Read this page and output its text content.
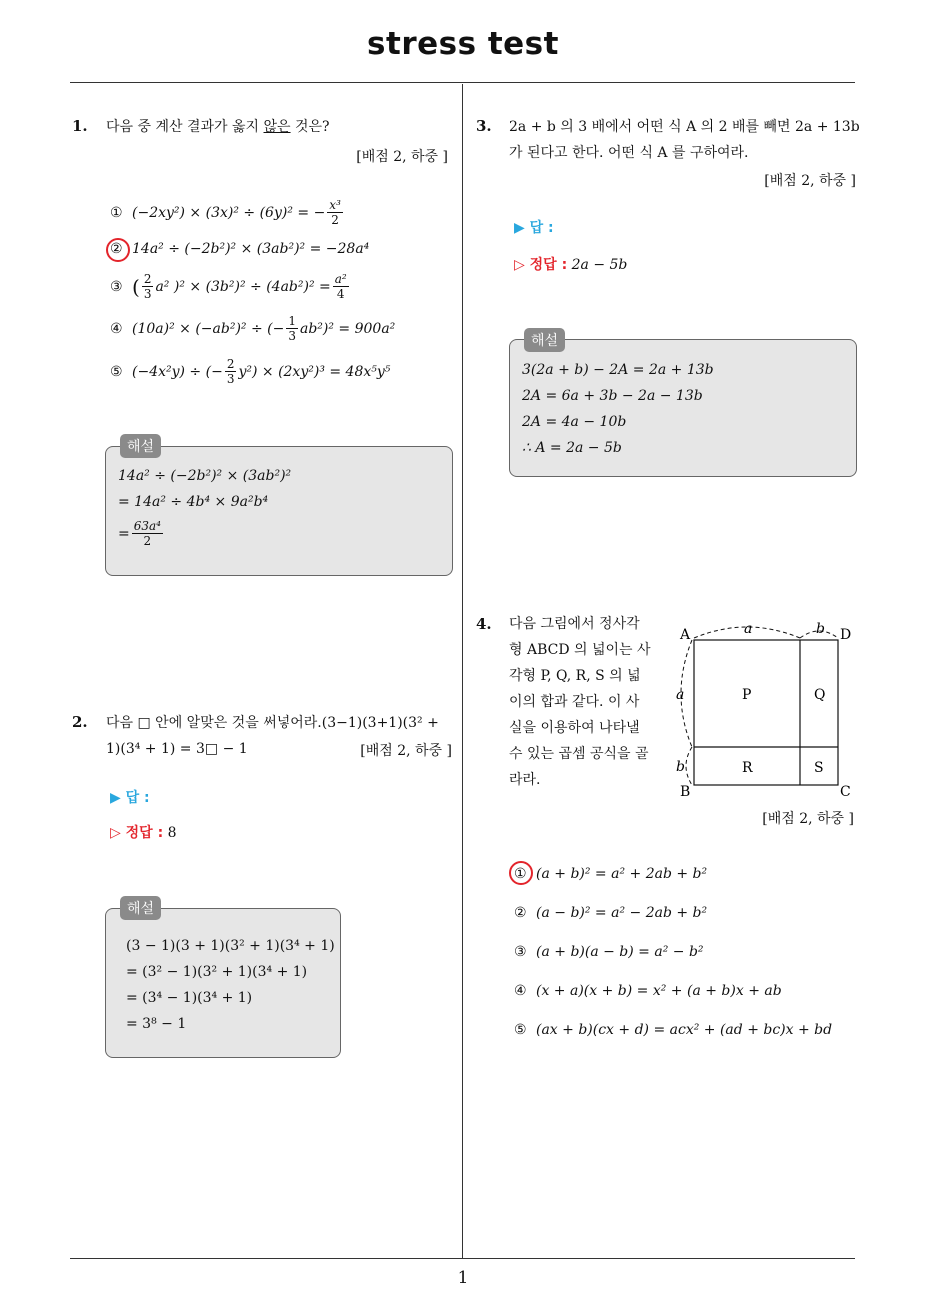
stress test
1
1. 다음 중 계산 결과가 옳지 않은 것은?
[배점 2, 하중 ]
① (−2xy²) × (3x)² ÷ (6y)² = − $\frac{\text{x³}}{2}$
② 14a² ÷ (−2b²)² × (3ab²)² = −28a⁴
③ ( $\frac{2}{3} a^2$ )$^2 \times (3b^2)^2 \div (4ab^2)^2 = \frac{\text{a²}}{4}$
④ (10a)² × (−ab²)² ÷ (− $\frac{1}{3} ab^2)^2 = 900a^2$
⑤ (−4x²y) ÷ (− $\frac{2}{3} y^2) \times (2xy^2)^3 = 48x^5y^5$
14a² ÷ (−2b²)² × (3ab²)²
= 14a² ÷ 4b⁴ × 9a²b⁴
= $\frac{\text{63a⁴}}{2}$
해설
2. 다음 □ 안에 알맞은 것을 써넣어라.(3−1)(3+1)(3² +
1)(3⁴ + 1) = 3□ − 1	[배점 2, 하중 ]
▶ 답 :
▷ 정답 : 8
(3 − 1)(3 + 1)(3² + 1)(3⁴ + 1)
= (3² − 1)(3² + 1)(3⁴ + 1)
= (3⁴ − 1)(3⁴ + 1)
= 3⁸ − 1
해설
3. 2a + b 의 3 배에서 어떤 식 A 의 2 배를 빼면 2a + 13b
가 된다고 한다. 어떤 식 A 를 구하여라.
[배점 2, 하중 ]
▶ 답 :
▷ 정답 : 2a − 5b
3(2a + b) − 2A = 2a + 13b
2A = 6a + 3b − 2a − 13b
2A = 4a − 10b
∴ A = 2a − 5b
해설
4. 다음 그림에서 정사각
형 ABCD 의 넓이는 사
각형 P, Q, R, S 의 넓
이의 합과 같다. 이 사
실을 이용하여 나타낼
수 있는 곱셈 공식을 골
라라.
A	D
B	C
a	b
a
b
P	Q
R	S
[배점 2, 하중 ]
① (a + b)² = a² + 2ab + b²
② (a − b)² = a² − 2ab + b²
③ (a + b)(a − b) = a² − b²
④ (x + a)(x + b) = x² + (a + b)x + ab
⑤ (ax + b)(cx + d) = acx² + (ad + bc)x + bd
